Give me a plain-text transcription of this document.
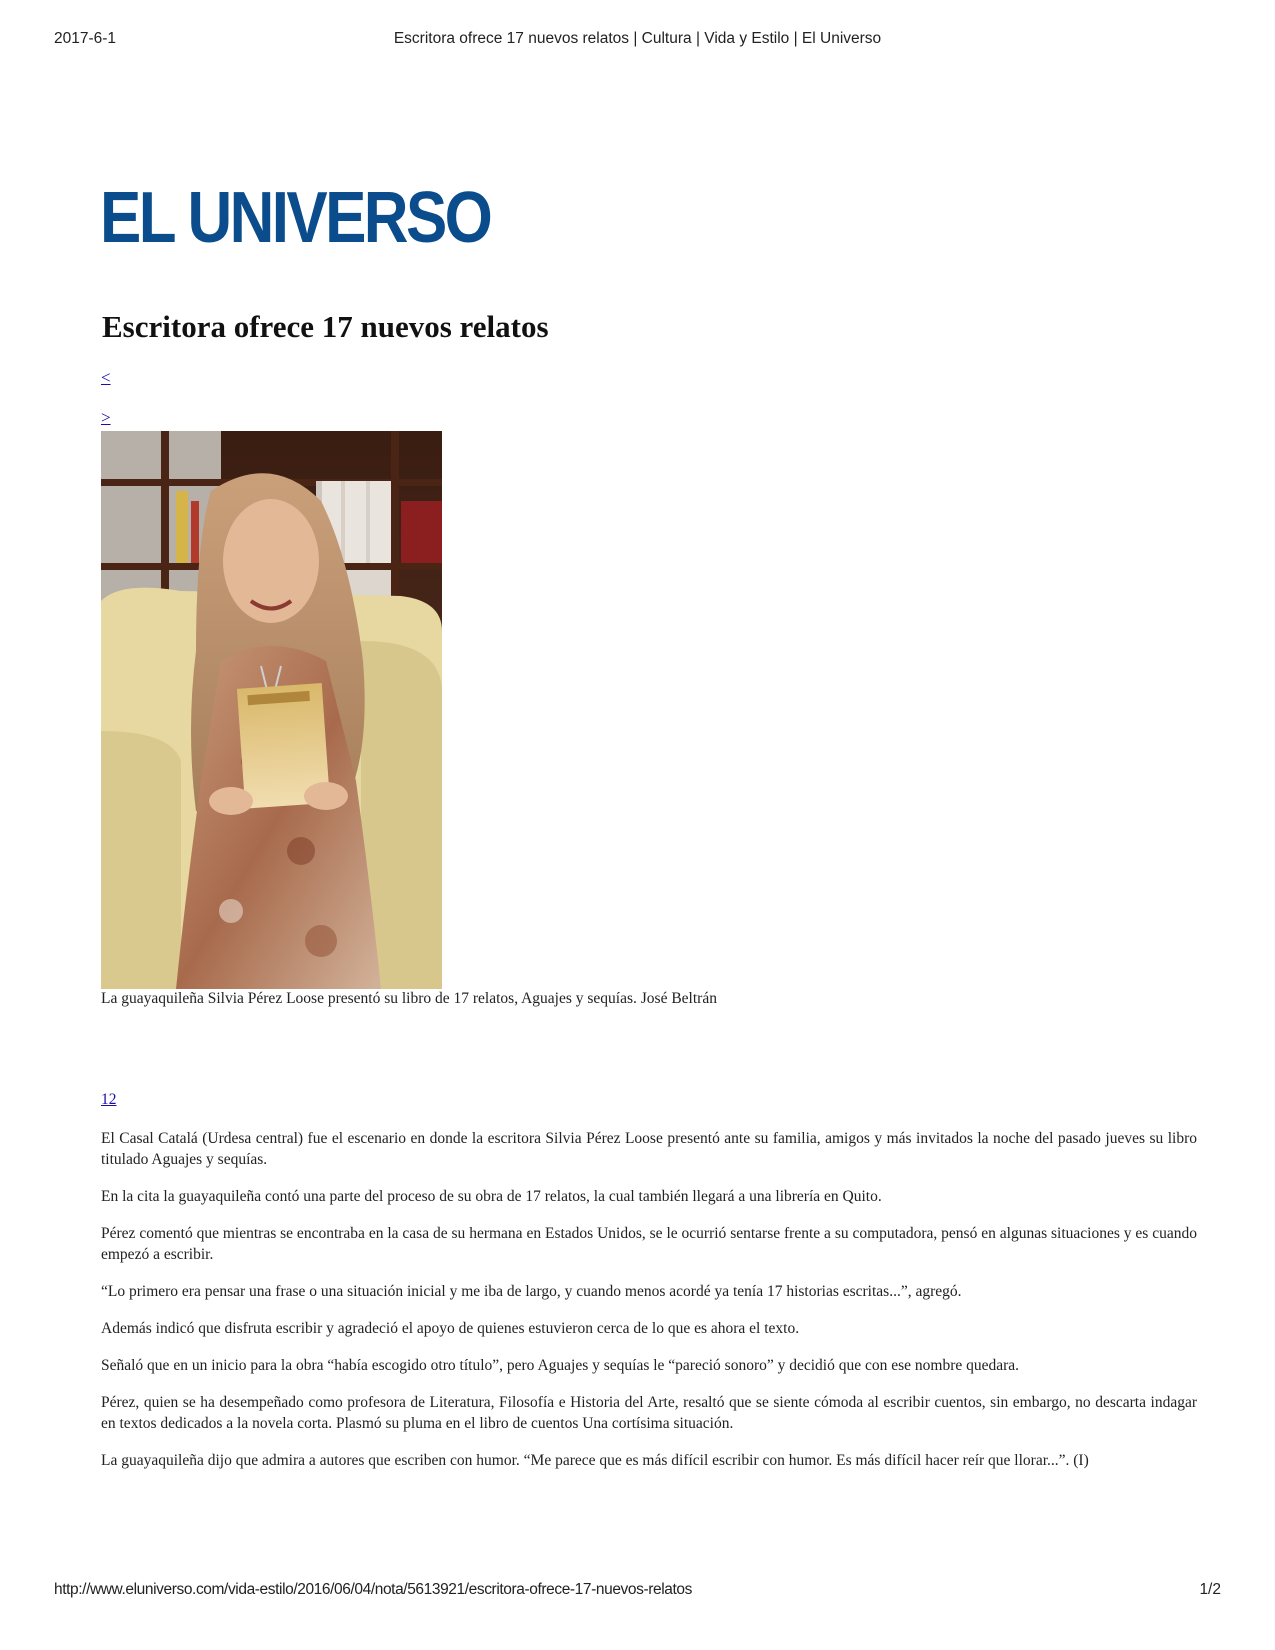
2017-6-1	Escritora ofrece 17 nuevos relatos | Cultura | Vida y Estilo | El Universo
EL UNIVERSO
Escritora ofrece 17 nuevos relatos
<
>
La guayaquileña Silvia Pérez Loose presentó su libro de 17 relatos, Aguajes y sequías. José Beltrán
12

El Casal Catalá (Urdesa central) fue el escenario en donde la escritora Silvia Pérez Loose presentó ante su familia, amigos y más invitados la noche del pasado jueves su libro titulado Aguajes y sequías.

En la cita la guayaquileña contó una parte del proceso de su obra de 17 relatos, la cual también llegará a una librería en Quito.

Pérez comentó que mientras se encontraba en la casa de su hermana en Estados Unidos, se le ocurrió sentarse frente a su computadora, pensó en algunas situaciones y es cuando empezó a escribir.

“Lo primero era pensar una frase o una situación inicial y me iba de largo, y cuando menos acordé ya tenía 17 historias escritas...”, agregó.

Además indicó que disfruta escribir y agradeció el apoyo de quienes estuvieron cerca de lo que es ahora el texto.

Señaló que en un inicio para la obra “había escogido otro título”, pero Aguajes y sequías le “pareció sonoro” y decidió que con ese nombre quedara.

Pérez, quien se ha desempeñado como profesora de Literatura, Filosofía e Historia del Arte, resaltó que se siente cómoda al escribir cuentos, sin embargo, no descarta indagar en textos dedicados a la novela corta. Plasmó su pluma en el libro de cuentos Una cortísima situación.

La guayaquileña dijo que admira a autores que escriben con humor. “Me parece que es más difícil escribir con humor. Es más difícil hacer reír que llorar...”. (I)

http://www.eluniverso.com/vida-estilo/2016/06/04/nota/5613921/escritora-ofrece-17-nuevos-relatos	1/2
